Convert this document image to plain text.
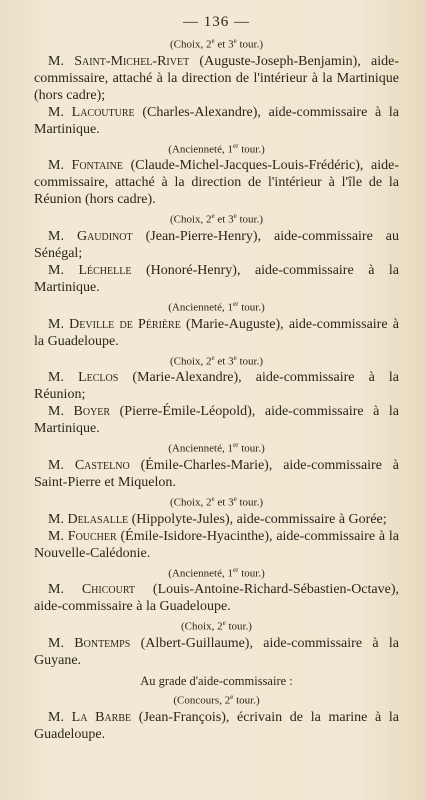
— 136 —
(Choix, 2e et 3e tour.)

M. Saint-Michel-Rivet (Auguste-Joseph-Benjamin), aide-commissaire, attaché à la direction de l'intérieur à la Martinique (hors cadre);

M. Lacouture (Charles-Alexandre), aide-commissaire à la Martinique.

(Ancienneté, 1er tour.)

M. Fontaine (Claude-Michel-Jacques-Louis-Frédéric), aide-commissaire, attaché à la direction de l'intérieur à l'île de la Réunion (hors cadre).

(Choix, 2e et 3e tour.)

M. Gaudinot (Jean-Pierre-Henry), aide-commissaire au Sénégal;

M. Léchelle (Honoré-Henry), aide-commissaire à la Martinique.

(Ancienneté, 1er tour.)

M. Deville de Périère (Marie-Auguste), aide-commissaire à la Guadeloupe.

(Choix, 2e et 3e tour.)

M. Leclos (Marie-Alexandre), aide-commissaire à la Réunion;

M. Boyer (Pierre-Émile-Léopold), aide-commissaire à la Martinique.

(Ancienneté, 1er tour.)

M. Castelno (Émile-Charles-Marie), aide-commissaire à Saint-Pierre et Miquelon.

(Choix, 2e et 3e tour.)

M. Delasalle (Hippolyte-Jules), aide-commissaire à Gorée;

M. Foucher (Émile-Isidore-Hyacinthe), aide-commissaire à la Nouvelle-Calédonie.

(Ancienneté, 1er tour.)

M. Chicourt (Louis-Antoine-Richard-Sébastien-Octave), aide-commissaire à la Guadeloupe.

(Choix, 2e tour.)

M. Bontemps (Albert-Guillaume), aide-commissaire à la Guyane.

Au grade d'aide-commissaire :
(Concours, 2e tour.)

M. La Barbe (Jean-François), écrivain de la marine à la Guadeloupe.
